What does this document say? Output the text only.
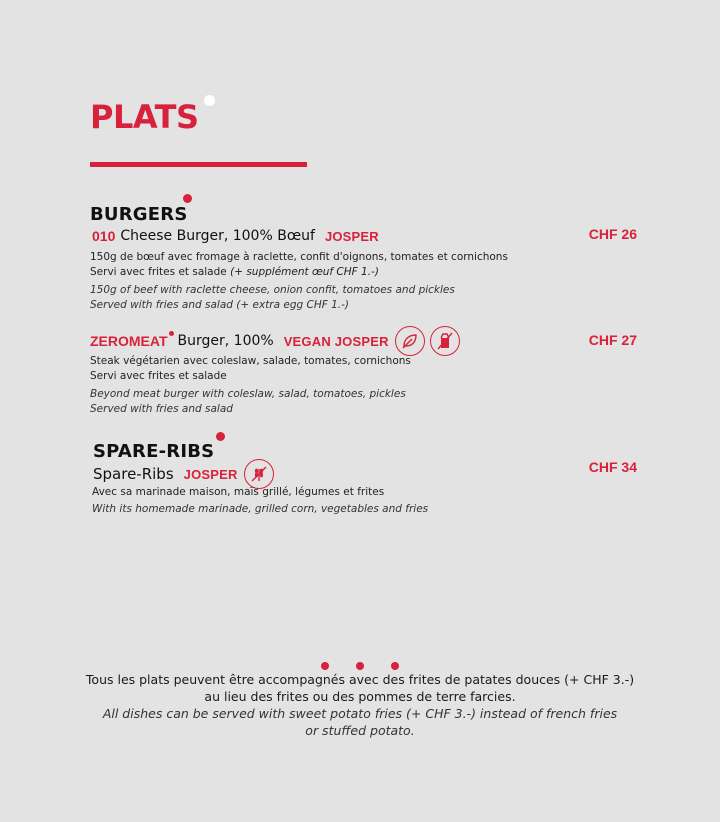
PLATS
BURGERS
010 Cheese Burger, 100% Bœuf JOSPER	CHF 26
150g de bœuf avec fromage à raclette, confit d'oignons, tomates et cornichons
Servi avec frites et salade (+ supplément œuf CHF 1.-)
150g of beef with raclette cheese, onion confit, tomatoes and pickles
Served with fries and salad (+ extra egg CHF 1.-)
ZEROMEAT Burger, 100% VEGAN JOSPER	CHF 27
Steak végétarien avec coleslaw, salade, tomates, cornichons
Servi avec frites et salade
Beyond meat burger with coleslaw, salad, tomatoes, pickles
Served with fries and salad
SPARE-RIBS
Spare-Ribs JOSPER	CHF 34
Avec sa marinade maison, maïs grillé, légumes et frites
With its homemade marinade, grilled corn, vegetables and fries

Tous les plats peuvent être accompagnés avec des frites de patates douces (+ CHF 3.-)
au lieu des frites ou des pommes de terre farcies.
All dishes can be served with sweet potato fries (+ CHF 3.-) instead of french fries
or stuffed potato.
